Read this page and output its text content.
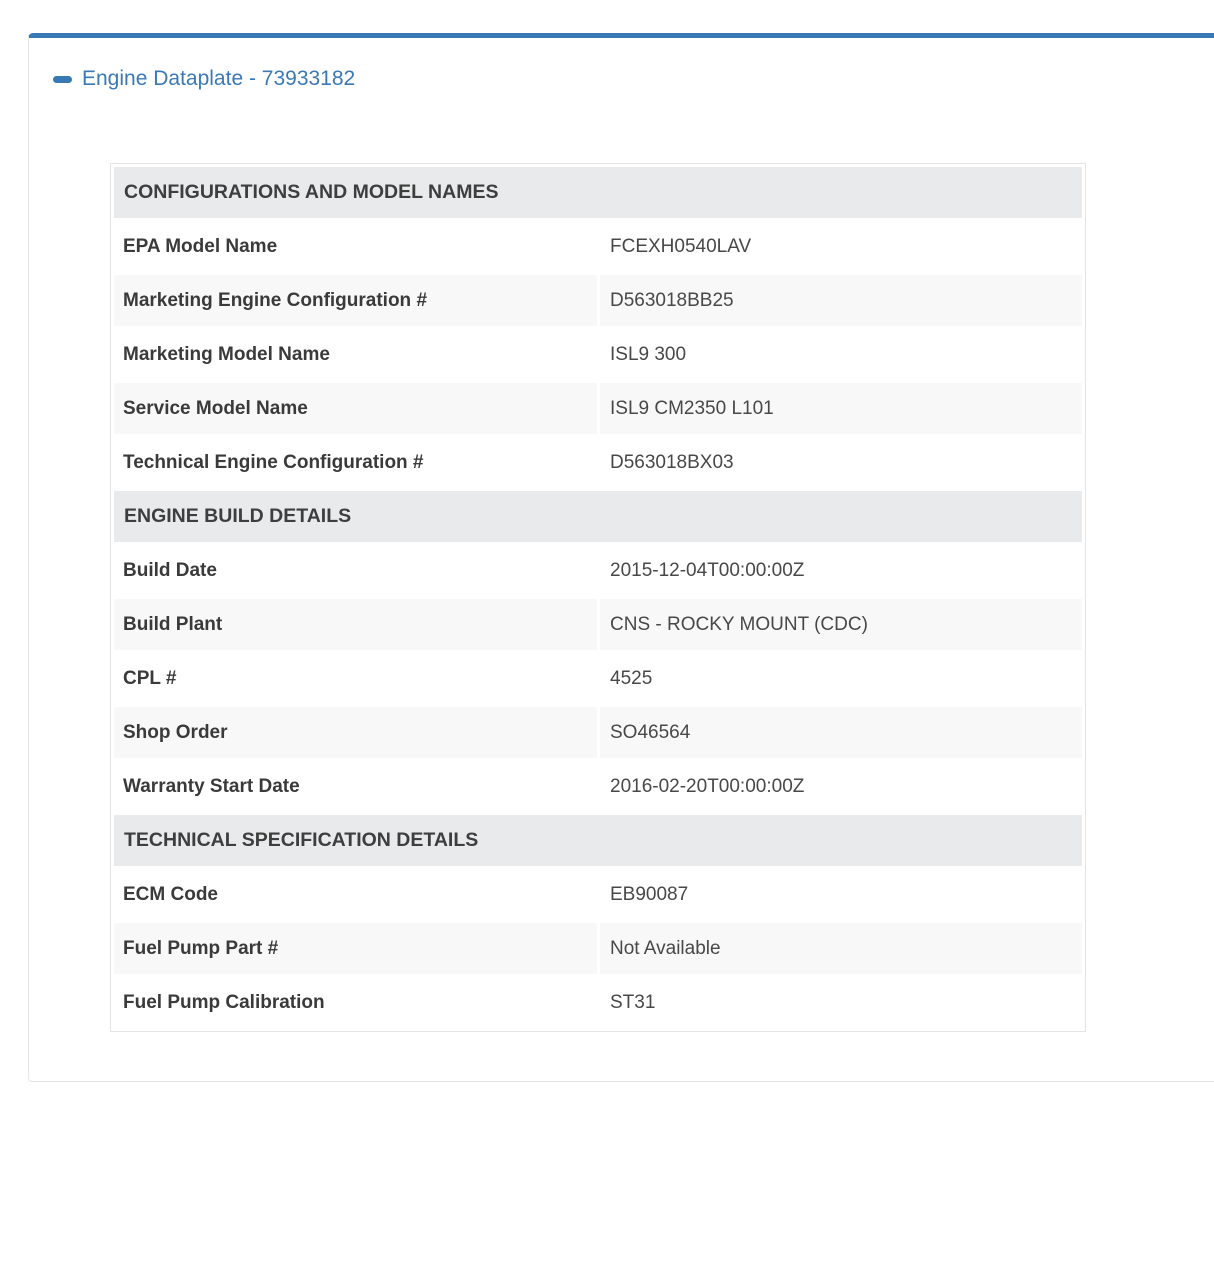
Engine Dataplate - 73933182
CONFIGURATIONS AND MODEL NAMES
EPA Model Name	FCEXH0540LAV
Marketing Engine Configuration #	D563018BB25
Marketing Model Name	ISL9 300
Service Model Name	ISL9 CM2350 L101
Technical Engine Configuration #	D563018BX03
ENGINE BUILD DETAILS
Build Date	2015-12-04T00:00:00Z
Build Plant	CNS - ROCKY MOUNT (CDC)
CPL #	4525
Shop Order	SO46564
Warranty Start Date	2016-02-20T00:00:00Z
TECHNICAL SPECIFICATION DETAILS
ECM Code	EB90087
Fuel Pump Part #	Not Available
Fuel Pump Calibration	ST31
